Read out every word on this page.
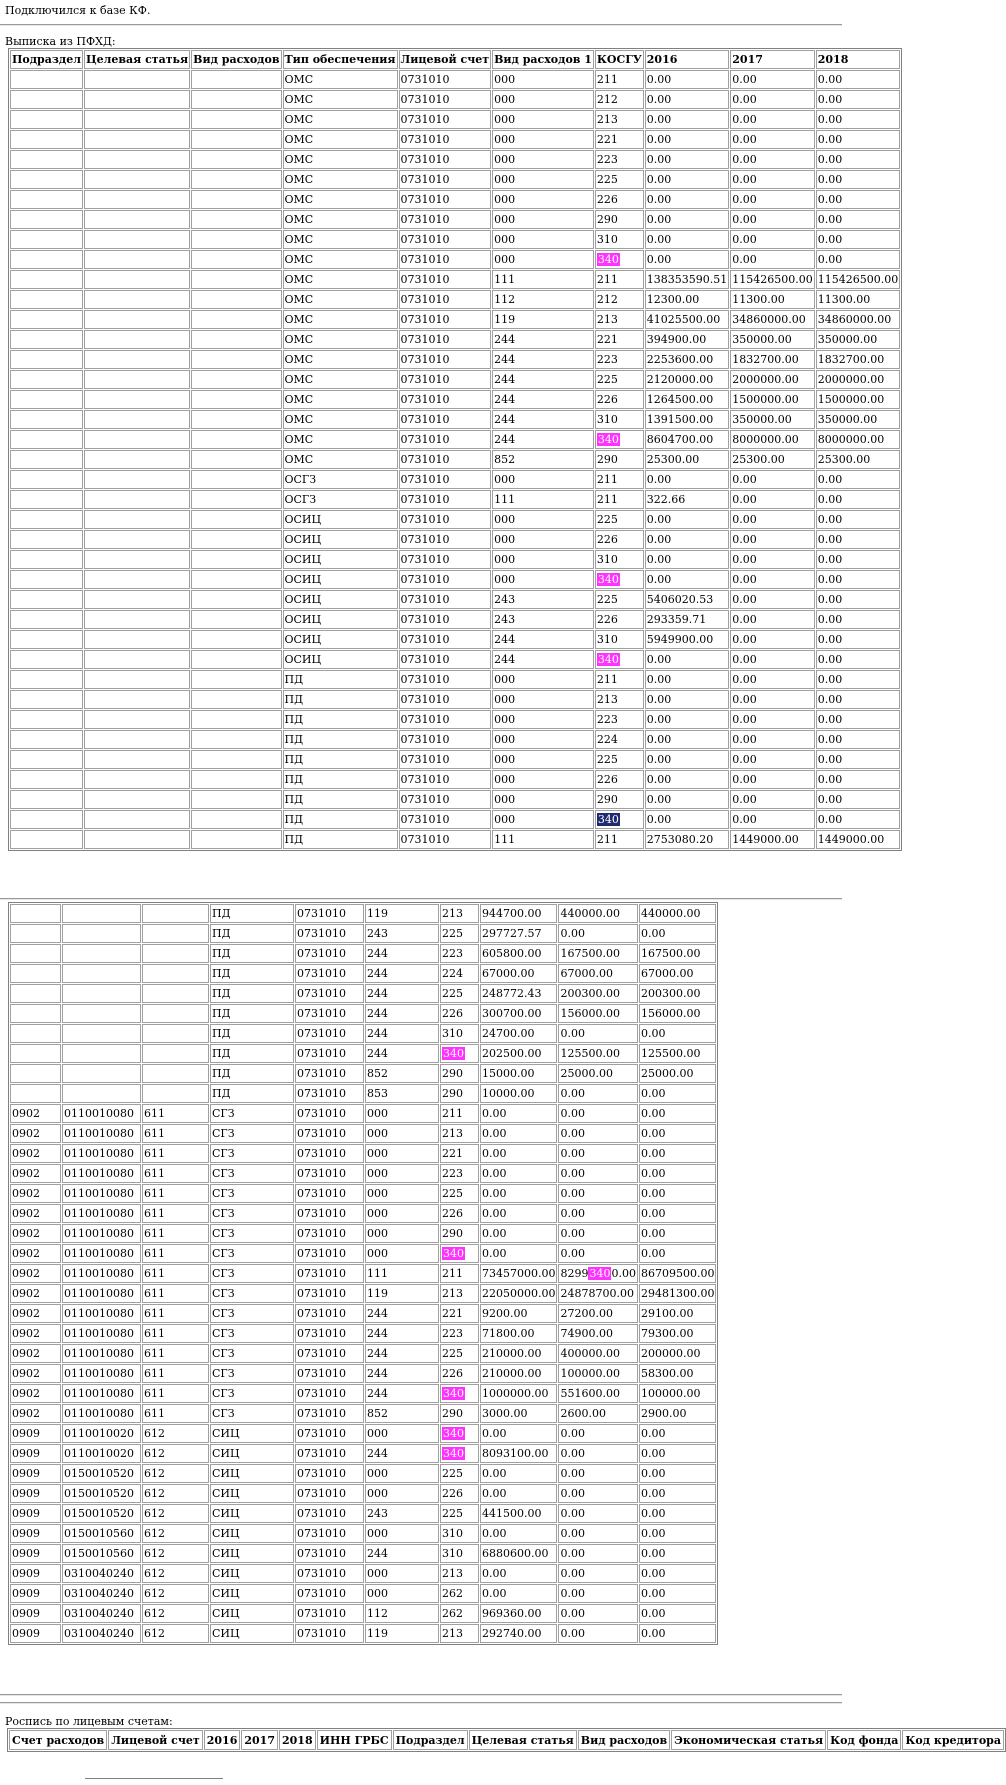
Подключился к базе КФ.
Выписка из ПФХД:
Подраздел	Целевая статья	Вид расходов	Тип обеспечения	Лицевой счет	Вид расходов 1	КОСГУ	2016	2017	2018
			ОМС	0731010	000	211	0.00	0.00	0.00
			ОМС	0731010	000	212	0.00	0.00	0.00
			ОМС	0731010	000	213	0.00	0.00	0.00
			ОМС	0731010	000	221	0.00	0.00	0.00
			ОМС	0731010	000	223	0.00	0.00	0.00
			ОМС	0731010	000	225	0.00	0.00	0.00
			ОМС	0731010	000	226	0.00	0.00	0.00
			ОМС	0731010	000	290	0.00	0.00	0.00
			ОМС	0731010	000	310	0.00	0.00	0.00
			ОМС	0731010	000	340	0.00	0.00	0.00
			ОМС	0731010	111	211	138353590.51	115426500.00	115426500.00
			ОМС	0731010	112	212	12300.00	11300.00	11300.00
			ОМС	0731010	119	213	41025500.00	34860000.00	34860000.00
			ОМС	0731010	244	221	394900.00	350000.00	350000.00
			ОМС	0731010	244	223	2253600.00	1832700.00	1832700.00
			ОМС	0731010	244	225	2120000.00	2000000.00	2000000.00
			ОМС	0731010	244	226	1264500.00	1500000.00	1500000.00
			ОМС	0731010	244	310	1391500.00	350000.00	350000.00
			ОМС	0731010	244	340	8604700.00	8000000.00	8000000.00
			ОМС	0731010	852	290	25300.00	25300.00	25300.00
			ОСГЗ	0731010	000	211	0.00	0.00	0.00
			ОСГЗ	0731010	111	211	322.66	0.00	0.00
			ОСИЦ	0731010	000	225	0.00	0.00	0.00
			ОСИЦ	0731010	000	226	0.00	0.00	0.00
			ОСИЦ	0731010	000	310	0.00	0.00	0.00
			ОСИЦ	0731010	000	340	0.00	0.00	0.00
			ОСИЦ	0731010	243	225	5406020.53	0.00	0.00
			ОСИЦ	0731010	243	226	293359.71	0.00	0.00
			ОСИЦ	0731010	244	310	5949900.00	0.00	0.00
			ОСИЦ	0731010	244	340	0.00	0.00	0.00
			ПД	0731010	000	211	0.00	0.00	0.00
			ПД	0731010	000	213	0.00	0.00	0.00
			ПД	0731010	000	223	0.00	0.00	0.00
			ПД	0731010	000	224	0.00	0.00	0.00
			ПД	0731010	000	225	0.00	0.00	0.00
			ПД	0731010	000	226	0.00	0.00	0.00
			ПД	0731010	000	290	0.00	0.00	0.00
			ПД	0731010	000	340	0.00	0.00	0.00
			ПД	0731010	111	211	2753080.20	1449000.00	1449000.00
			ПД	0731010	119	213	944700.00	440000.00	440000.00
			ПД	0731010	243	225	297727.57	0.00	0.00
			ПД	0731010	244	223	605800.00	167500.00	167500.00
			ПД	0731010	244	224	67000.00	67000.00	67000.00
			ПД	0731010	244	225	248772.43	200300.00	200300.00
			ПД	0731010	244	226	300700.00	156000.00	156000.00
			ПД	0731010	244	310	24700.00	0.00	0.00
			ПД	0731010	244	340	202500.00	125500.00	125500.00
			ПД	0731010	852	290	15000.00	25000.00	25000.00
			ПД	0731010	853	290	10000.00	0.00	0.00
0902	0110010080	611	СГЗ	0731010	000	211	0.00	0.00	0.00
0902	0110010080	611	СГЗ	0731010	000	213	0.00	0.00	0.00
0902	0110010080	611	СГЗ	0731010	000	221	0.00	0.00	0.00
0902	0110010080	611	СГЗ	0731010	000	223	0.00	0.00	0.00
0902	0110010080	611	СГЗ	0731010	000	225	0.00	0.00	0.00
0902	0110010080	611	СГЗ	0731010	000	226	0.00	0.00	0.00
0902	0110010080	611	СГЗ	0731010	000	290	0.00	0.00	0.00
0902	0110010080	611	СГЗ	0731010	000	340	0.00	0.00	0.00
0902	0110010080	611	СГЗ	0731010	111	211	73457000.00	82993400.00	86709500.00
0902	0110010080	611	СГЗ	0731010	119	213	22050000.00	24878700.00	29481300.00
0902	0110010080	611	СГЗ	0731010	244	221	9200.00	27200.00	29100.00
0902	0110010080	611	СГЗ	0731010	244	223	71800.00	74900.00	79300.00
0902	0110010080	611	СГЗ	0731010	244	225	210000.00	400000.00	200000.00
0902	0110010080	611	СГЗ	0731010	244	226	210000.00	100000.00	58300.00
0902	0110010080	611	СГЗ	0731010	244	340	1000000.00	551600.00	100000.00
0902	0110010080	611	СГЗ	0731010	852	290	3000.00	2600.00	2900.00
0909	0110010020	612	СИЦ	0731010	000	340	0.00	0.00	0.00
0909	0110010020	612	СИЦ	0731010	244	340	8093100.00	0.00	0.00
0909	0150010520	612	СИЦ	0731010	000	225	0.00	0.00	0.00
0909	0150010520	612	СИЦ	0731010	000	226	0.00	0.00	0.00
0909	0150010520	612	СИЦ	0731010	243	225	441500.00	0.00	0.00
0909	0150010560	612	СИЦ	0731010	000	310	0.00	0.00	0.00
0909	0150010560	612	СИЦ	0731010	244	310	6880600.00	0.00	0.00
0909	0310040240	612	СИЦ	0731010	000	213	0.00	0.00	0.00
0909	0310040240	612	СИЦ	0731010	000	262	0.00	0.00	0.00
0909	0310040240	612	СИЦ	0731010	112	262	969360.00	0.00	0.00
0909	0310040240	612	СИЦ	0731010	119	213	292740.00	0.00	0.00
Роспись по лицевым счетам:
Счет расходов	Лицевой счет	2016	2017	2018	ИНН ГРБС	Подраздел	Целевая статья	Вид расходов	Экономическая статья	Код фонда	Код кредитора
